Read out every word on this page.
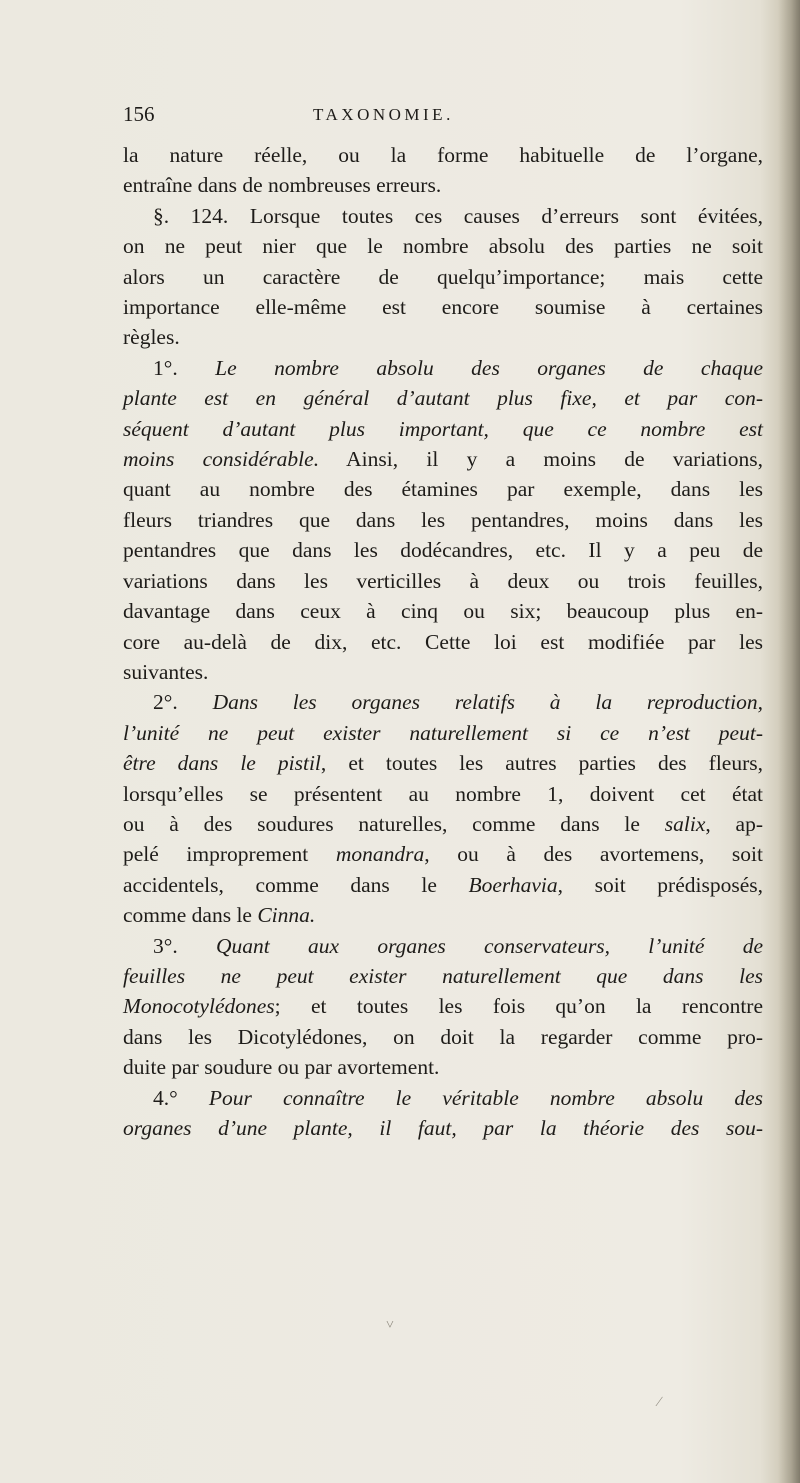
156	TAXONOMIE.
la nature réelle, ou la forme habituelle de l’organe,
entraîne dans de nombreuses erreurs.
§. 124. Lorsque toutes ces causes d’erreurs sont évitées,
on ne peut nier que le nombre absolu des parties ne soit
alors un caractère de quelqu’importance; mais cette
importance elle-même est encore soumise à certaines
règles.
1°. Le nombre absolu des organes de chaque
plante est en général d’autant plus fixe, et par con-
séquent d’autant plus important, que ce nombre est
moins considérable. Ainsi, il y a moins de variations,
quant au nombre des étamines par exemple, dans les
fleurs triandres que dans les pentandres, moins dans les
pentandres que dans les dodécandres, etc. Il y a peu de
variations dans les verticilles à deux ou trois feuilles,
davantage dans ceux à cinq ou six; beaucoup plus en-
core au-delà de dix, etc. Cette loi est modifiée par les
suivantes.
2°. Dans les organes relatifs à la reproduction,
l’unité ne peut exister naturellement si ce n’est peut-
être dans le pistil, et toutes les autres parties des fleurs,
lorsqu’elles se présentent au nombre 1, doivent cet état
ou à des soudures naturelles, comme dans le salix, ap-
pelé improprement monandra, ou à des avortemens, soit
accidentels, comme dans le Boerhavia, soit prédisposés,
comme dans le Cinna.
3°. Quant aux organes conservateurs, l’unité de
feuilles ne peut exister naturellement que dans les
Monocotylédones; et toutes les fois qu’on la rencontre
dans les Dicotylédones, on doit la regarder comme pro-
duite par soudure ou par avortement.
4.° Pour connaître le véritable nombre absolu des
organes d’une plante, il faut, par la théorie des sou-
˅
∕
